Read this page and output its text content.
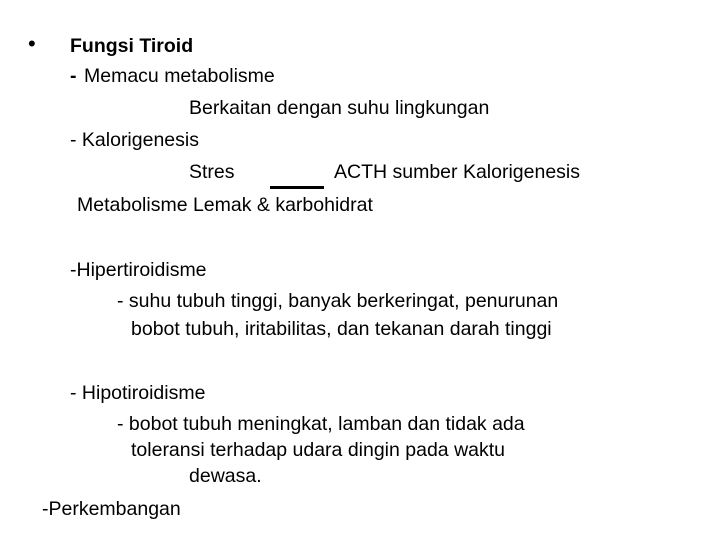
• Fungsi Tiroid
- Memacu metabolisme
Berkaitan dengan suhu lingkungan
- Kalorigenesis
Stres	ACTH sumber Kalorigenesis
Metabolisme Lemak & karbohidrat
-Hipertiroidisme
- suhu tubuh tinggi, banyak berkeringat, penurunan
bobot tubuh, iritabilitas, dan tekanan darah tinggi
- Hipotiroidisme
- bobot tubuh meningkat, lamban dan tidak ada
toleransi terhadap udara dingin pada waktu
dewasa.
-Perkembangan
